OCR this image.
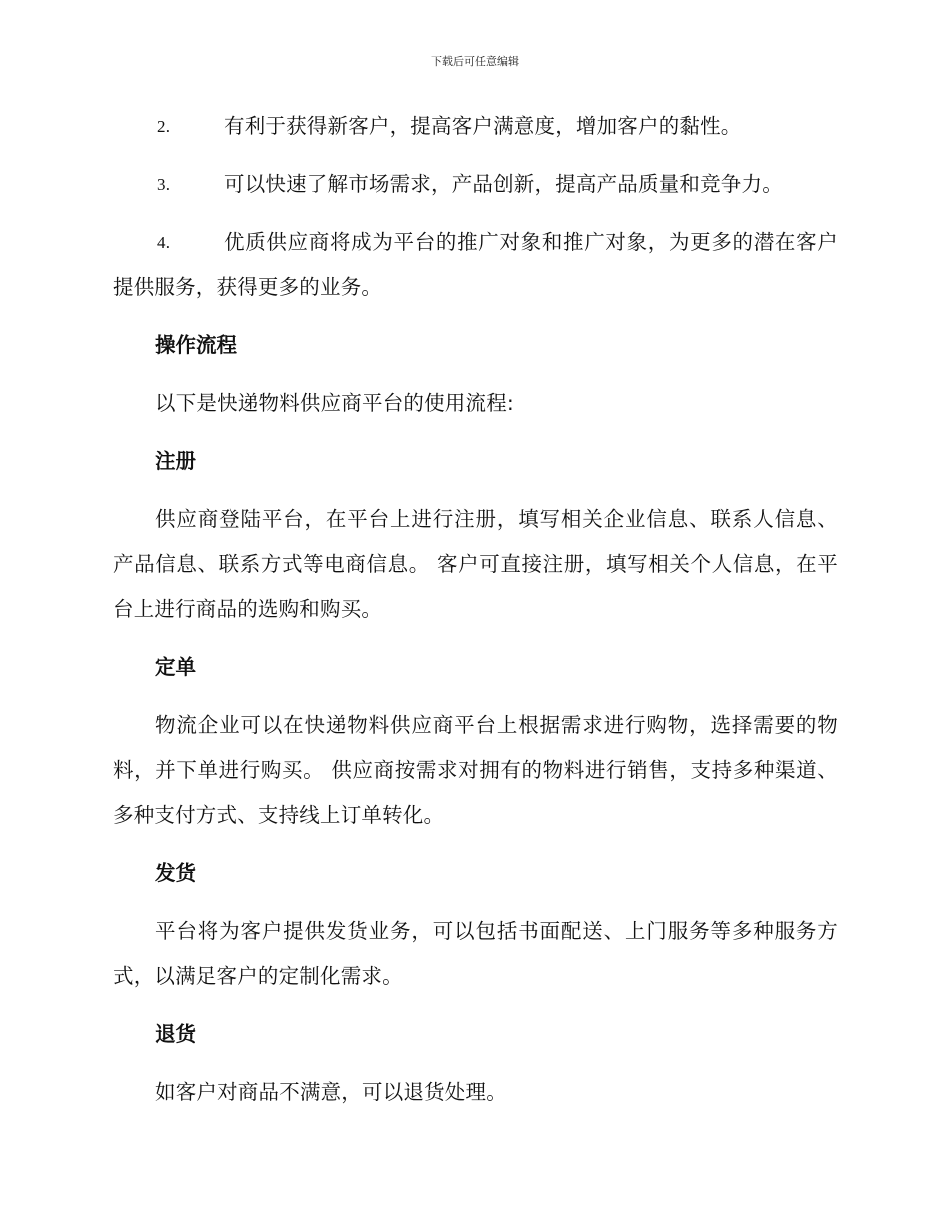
下载后可任意编辑
2.	有利于获得新客户，提高客户满意度，增加客户的黏性。
3.	可以快速了解市场需求，产品创新，提高产品质量和竞争力。
4.	优质供应商将成为平台的推广对象和推广对象，为更多的潜在客户提供服务，获得更多的业务。
操作流程

以下是快递物料供应商平台的使用流程:

注册

供应商登陆平台，在平台上进行注册，填写相关企业信息、联系人信息、产品信息、联系方式等电商信息。 客户可直接注册，填写相关个人信息，在平台上进行商品的选购和购买。

定单

物流企业可以在快递物料供应商平台上根据需求进行购物，选择需要的物料，并下单进行购买。 供应商按需求对拥有的物料进行销售，支持多种渠道、多种支付方式、支持线上订单转化。

发货

平台将为客户提供发货业务，可以包括书面配送、上门服务等多种服务方式，以满足客户的定制化需求。

退货

如客户对商品不满意，可以退货处理。
